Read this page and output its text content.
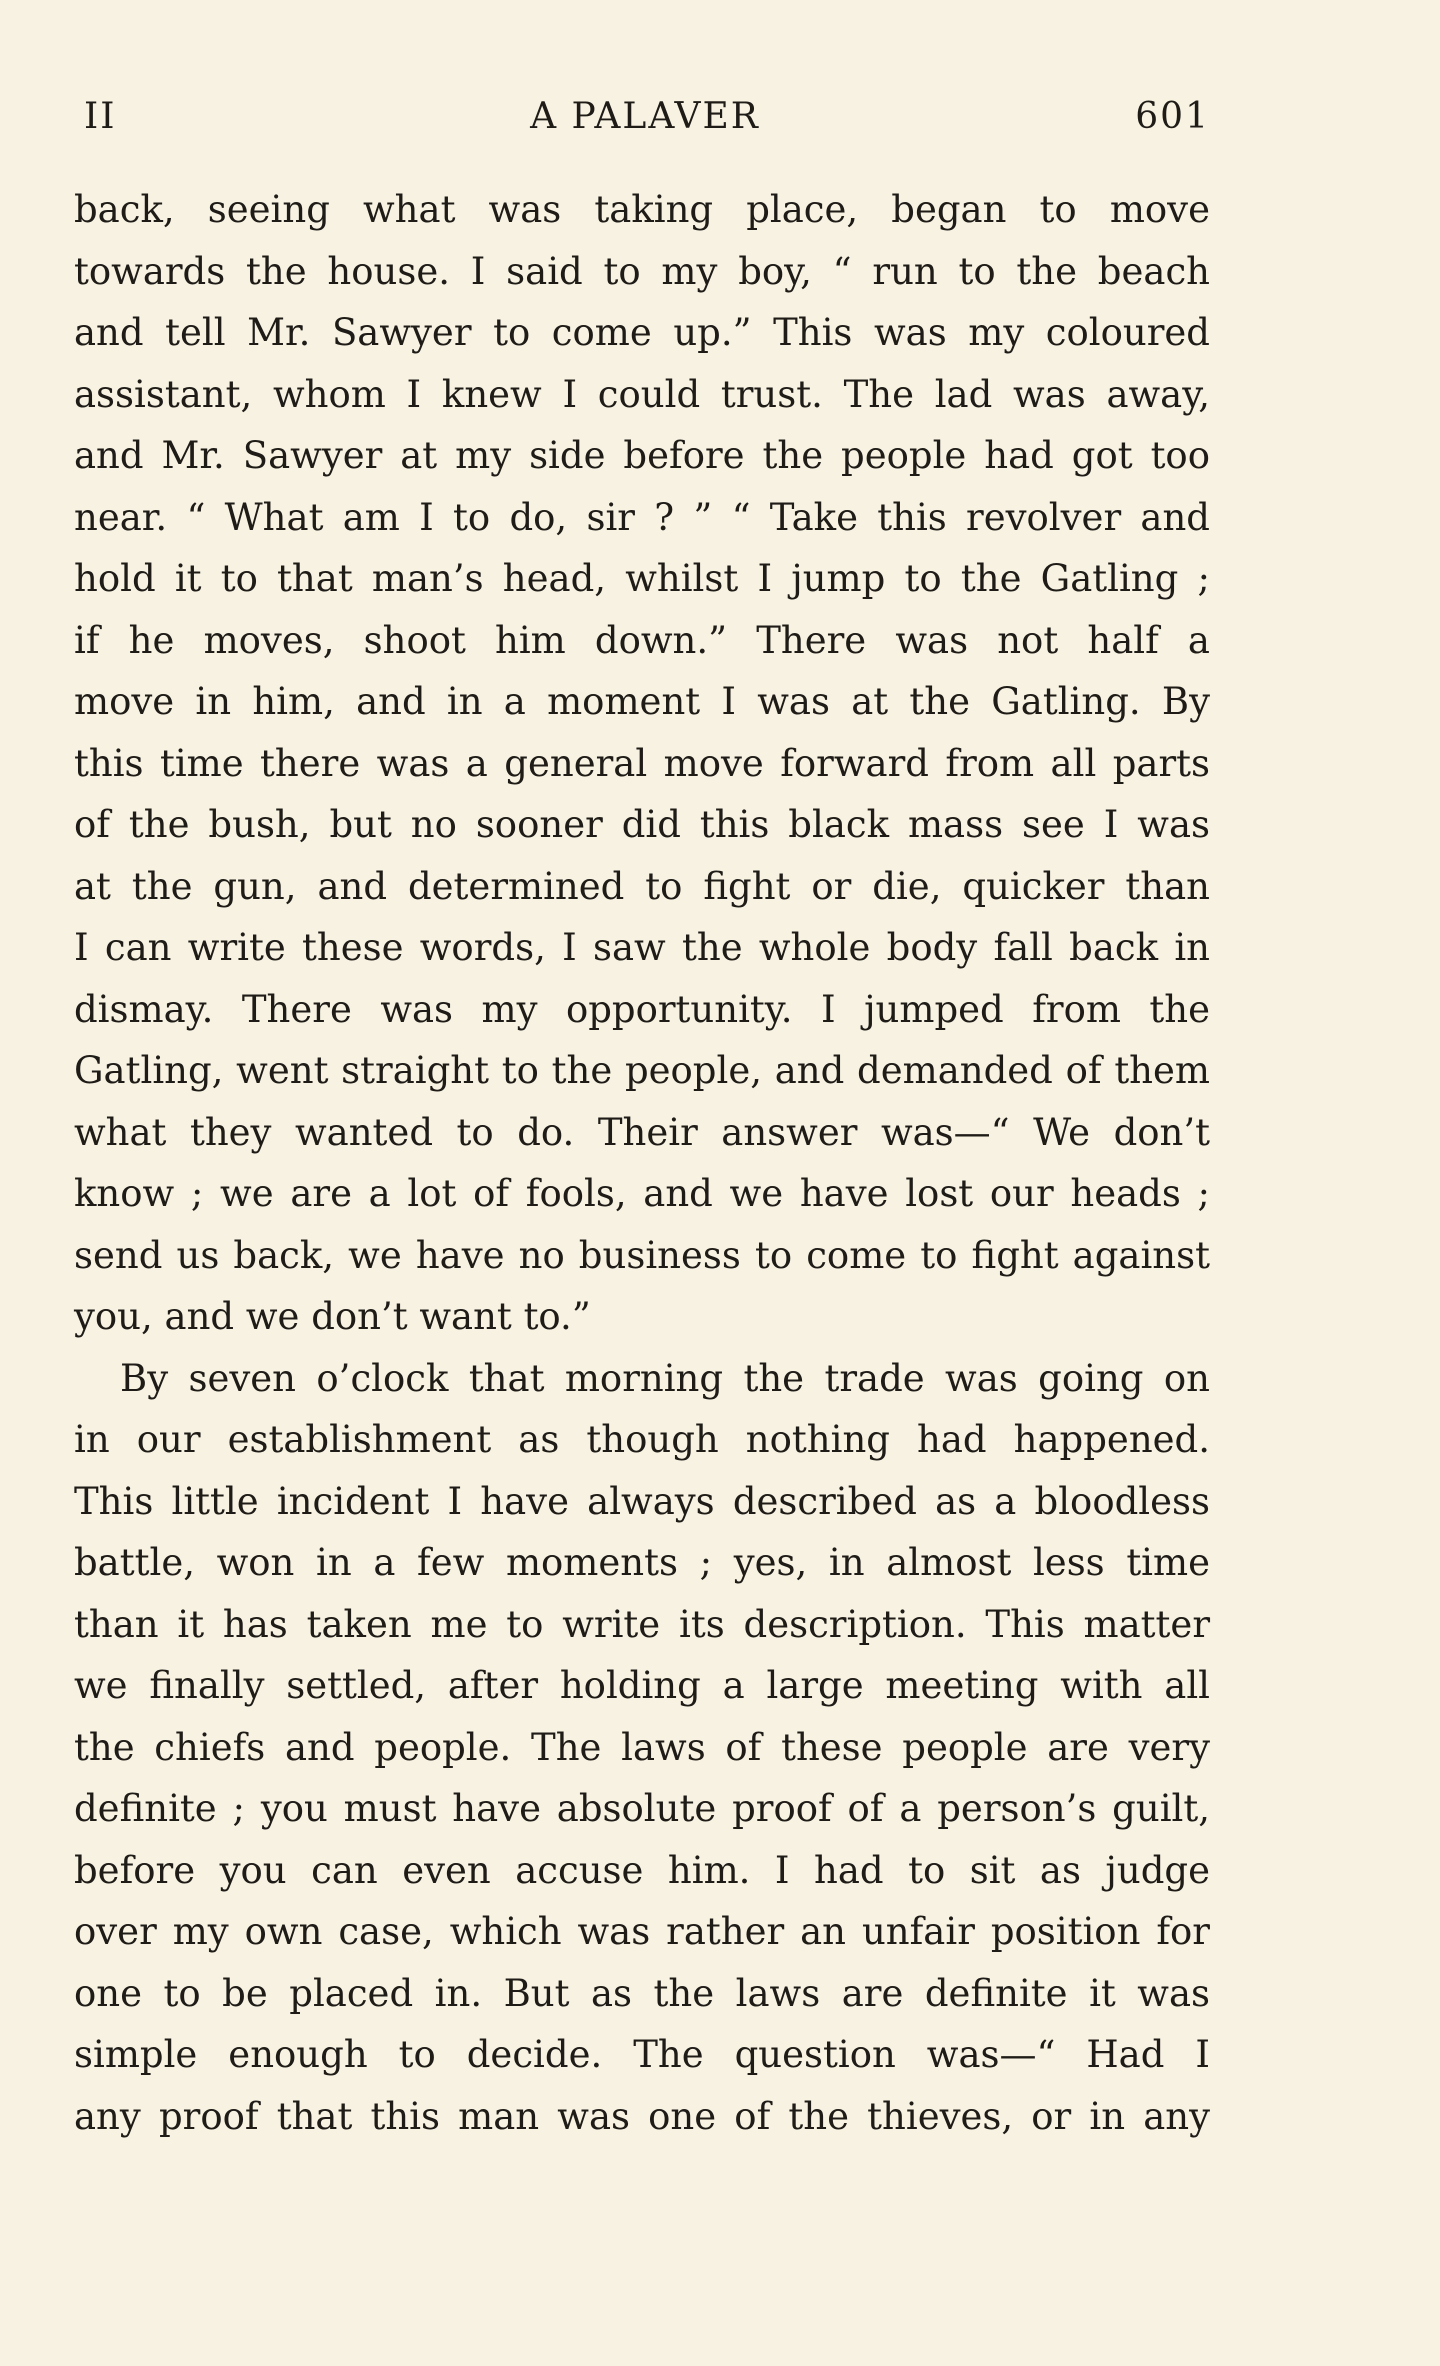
II	A PALAVER	601
back, seeing what was taking place, began to move
towards the house. I said to my boy, “ run to the beach
and tell Mr. Sawyer to come up.” This was my coloured
assistant, whom I knew I could trust. The lad was away,
and Mr. Sawyer at my side before the people had got too
near. “ What am I to do, sir ? ” “ Take this revolver and
hold it to that man’s head, whilst I jump to the Gatling ;
if he moves, shoot him down.” There was not half a
move in him, and in a moment I was at the Gatling. By
this time there was a general move forward from all parts
of the bush, but no sooner did this black mass see I was
at the gun, and determined to fight or die, quicker than
I can write these words, I saw the whole body fall back in
dismay. There was my opportunity. I jumped from the
Gatling, went straight to the people, and demanded of them
what they wanted to do. Their answer was—“ We don’t
know ; we are a lot of fools, and we have lost our heads ;
send us back, we have no business to come to fight against
you, and we don’t want to.”
By seven o’clock that morning the trade was going on
in our establishment as though nothing had happened.
This little incident I have always described as a bloodless
battle, won in a few moments ; yes, in almost less time
than it has taken me to write its description. This matter
we finally settled, after holding a large meeting with all
the chiefs and people. The laws of these people are very
definite ; you must have absolute proof of a person’s guilt,
before you can even accuse him. I had to sit as judge
over my own case, which was rather an unfair position for
one to be placed in. But as the laws are definite it was
simple enough to decide. The question was—“ Had I
any proof that this man was one of the thieves, or in any
